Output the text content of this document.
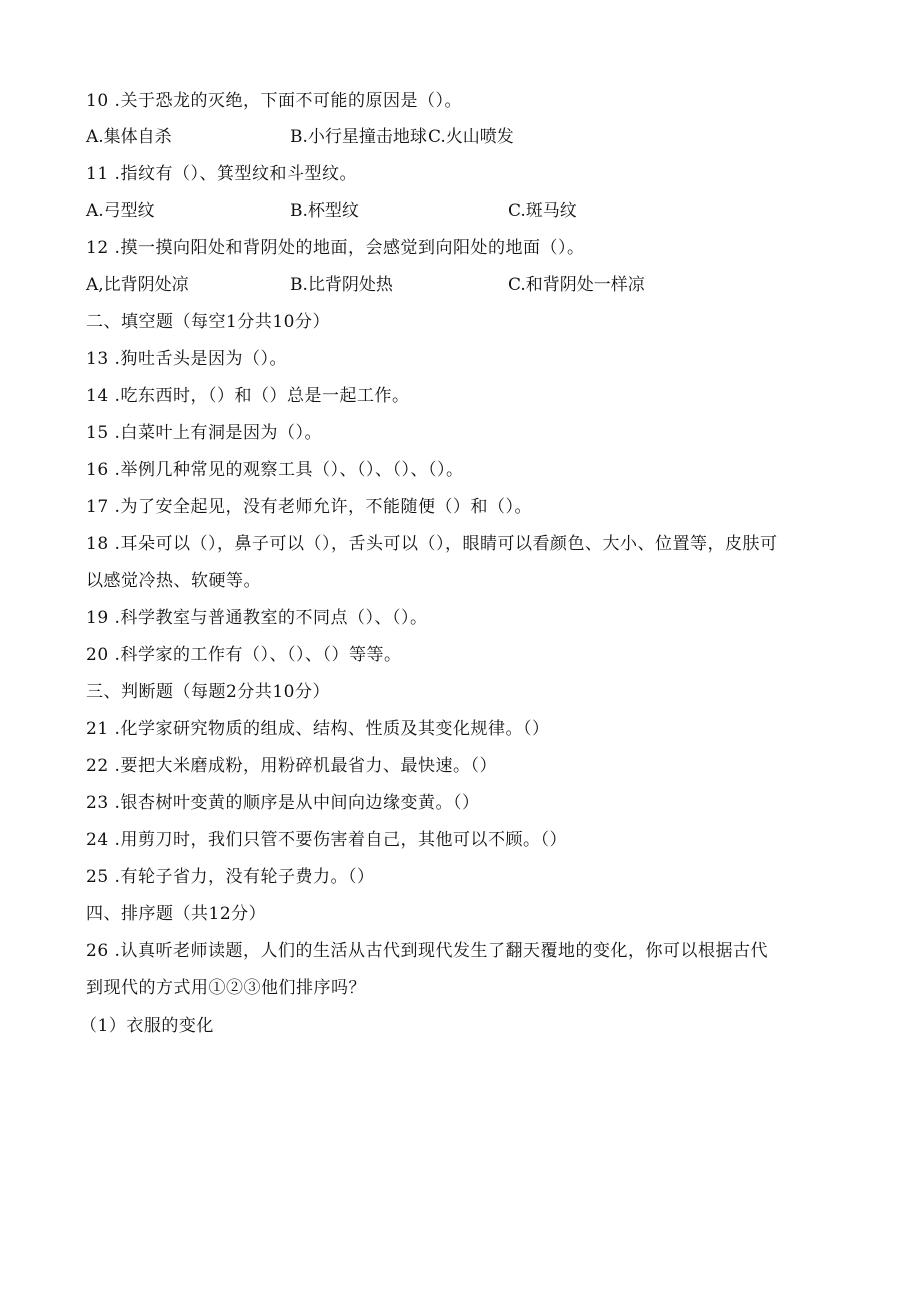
10 .关于恐龙的灭绝，下面不可能的原因是（）。
A.集体自杀	B.小行星撞击地球 C.火山喷发
11 .指纹有（）、箕型纹和斗型纹。
A.弓型纹	B.杯型纹	C.斑马纹
12 .摸一摸向阳处和背阴处的地面，会感觉到向阳处的地面（）。
A,比背阴处凉	B.比背阴处热	C.和背阴处一样凉
二、填空题（每空1分共10分）
13 .狗吐舌头是因为（）。
14 .吃东西时，（）和（）总是一起工作。
15 .白菜叶上有洞是因为（）。
16 .举例几种常见的观察工具（）、（）、（）、（）。
17 .为了安全起见，没有老师允许，不能随便（）和（）。
18 .耳朵可以（），鼻子可以（），舌头可以（），眼睛可以看颜色、大小、位置等，皮肤可
以感觉冷热、软硬等。
19 .科学教室与普通教室的不同点（）、（）。
20 .科学家的工作有（）、（）、（）等等。
三、判断题（每题2分共10分）
21 .化学家研究物质的组成、结构、性质及其变化规律。（）
22 .要把大米磨成粉，用粉碎机最省力、最快速。（）
23 .银杏树叶变黄的顺序是从中间向边缘变黄。（）
24 .用剪刀时，我们只管不要伤害着自己，其他可以不顾。（）
25 .有轮子省力，没有轮子费力。（）
四、排序题（共12分）
26 .认真听老师读题，人们的生活从古代到现代发生了翻天覆地的变化，你可以根据古代
到现代的方式用①②③他们排序吗？
（1）衣服的变化
